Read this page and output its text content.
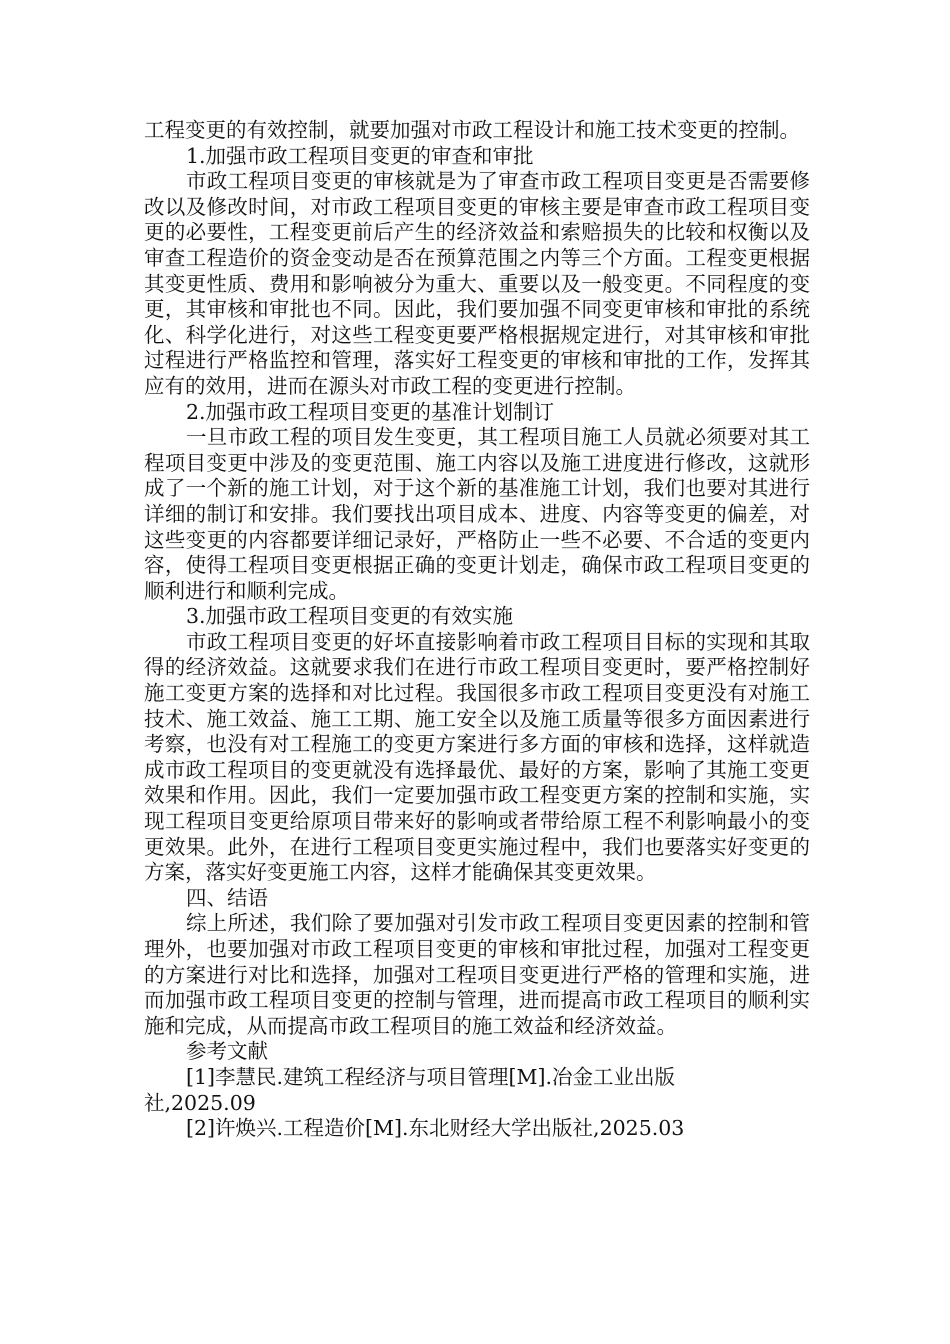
工程变更的有效控制，就要加强对市政工程设计和施工技术变更的控制。

1.加强市政工程项目变更的审查和审批

市政工程项目变更的审核就是为了审查市政工程项目变更是否需要修改以及修改时间，对市政工程项目变更的审核主要是审查市政工程项目变更的必要性，工程变更前后产生的经济效益和索赔损失的比较和权衡以及审查工程造价的资金变动是否在预算范围之内等三个方面。工程变更根据其变更性质、费用和影响被分为重大、重要以及一般变更。不同程度的变更，其审核和审批也不同。因此，我们要加强不同变更审核和审批的系统化、科学化进行，对这些工程变更要严格根据规定进行，对其审核和审批过程进行严格监控和管理，落实好工程变更的审核和审批的工作，发挥其应有的效用，进而在源头对市政工程的变更进行控制。

2.加强市政工程项目变更的基准计划制订

一旦市政工程的项目发生变更，其工程项目施工人员就必须要对其工程项目变更中涉及的变更范围、施工内容以及施工进度进行修改，这就形成了一个新的施工计划，对于这个新的基准施工计划，我们也要对其进行详细的制订和安排。我们要找出项目成本、进度、内容等变更的偏差，对这些变更的内容都要详细记录好，严格防止一些不必要、不合适的变更内容，使得工程项目变更根据正确的变更计划走，确保市政工程项目变更的顺利进行和顺利完成。

3.加强市政工程项目变更的有效实施

市政工程项目变更的好坏直接影响着市政工程项目目标的实现和其取得的经济效益。这就要求我们在进行市政工程项目变更时，要严格控制好施工变更方案的选择和对比过程。我国很多市政工程项目变更没有对施工技术、施工效益、施工工期、施工安全以及施工质量等很多方面因素进行考察，也没有对工程施工的变更方案进行多方面的审核和选择，这样就造成市政工程项目的变更就没有选择最优、最好的方案，影响了其施工变更效果和作用。因此，我们一定要加强市政工程变更方案的控制和实施，实现工程项目变更给原项目带来好的影响或者带给原工程不利影响最小的变更效果。此外，在进行工程项目变更实施过程中，我们也要落实好变更的方案，落实好变更施工内容，这样才能确保其变更效果。

四、结语

综上所述，我们除了要加强对引发市政工程项目变更因素的控制和管理外，也要加强对市政工程项目变更的审核和审批过程，加强对工程变更的方案进行对比和选择，加强对工程项目变更进行严格的管理和实施，进而加强市政工程项目变更的控制与管理，进而提高市政工程项目的顺利实施和完成，从而提高市政工程项目的施工效益和经济效益。

参考文献

[1]李慧民.建筑工程经济与项目管理[M].冶金工业出版

社,2025.09

[2]许焕兴.工程造价[M].东北财经大学出版社,2025.03
